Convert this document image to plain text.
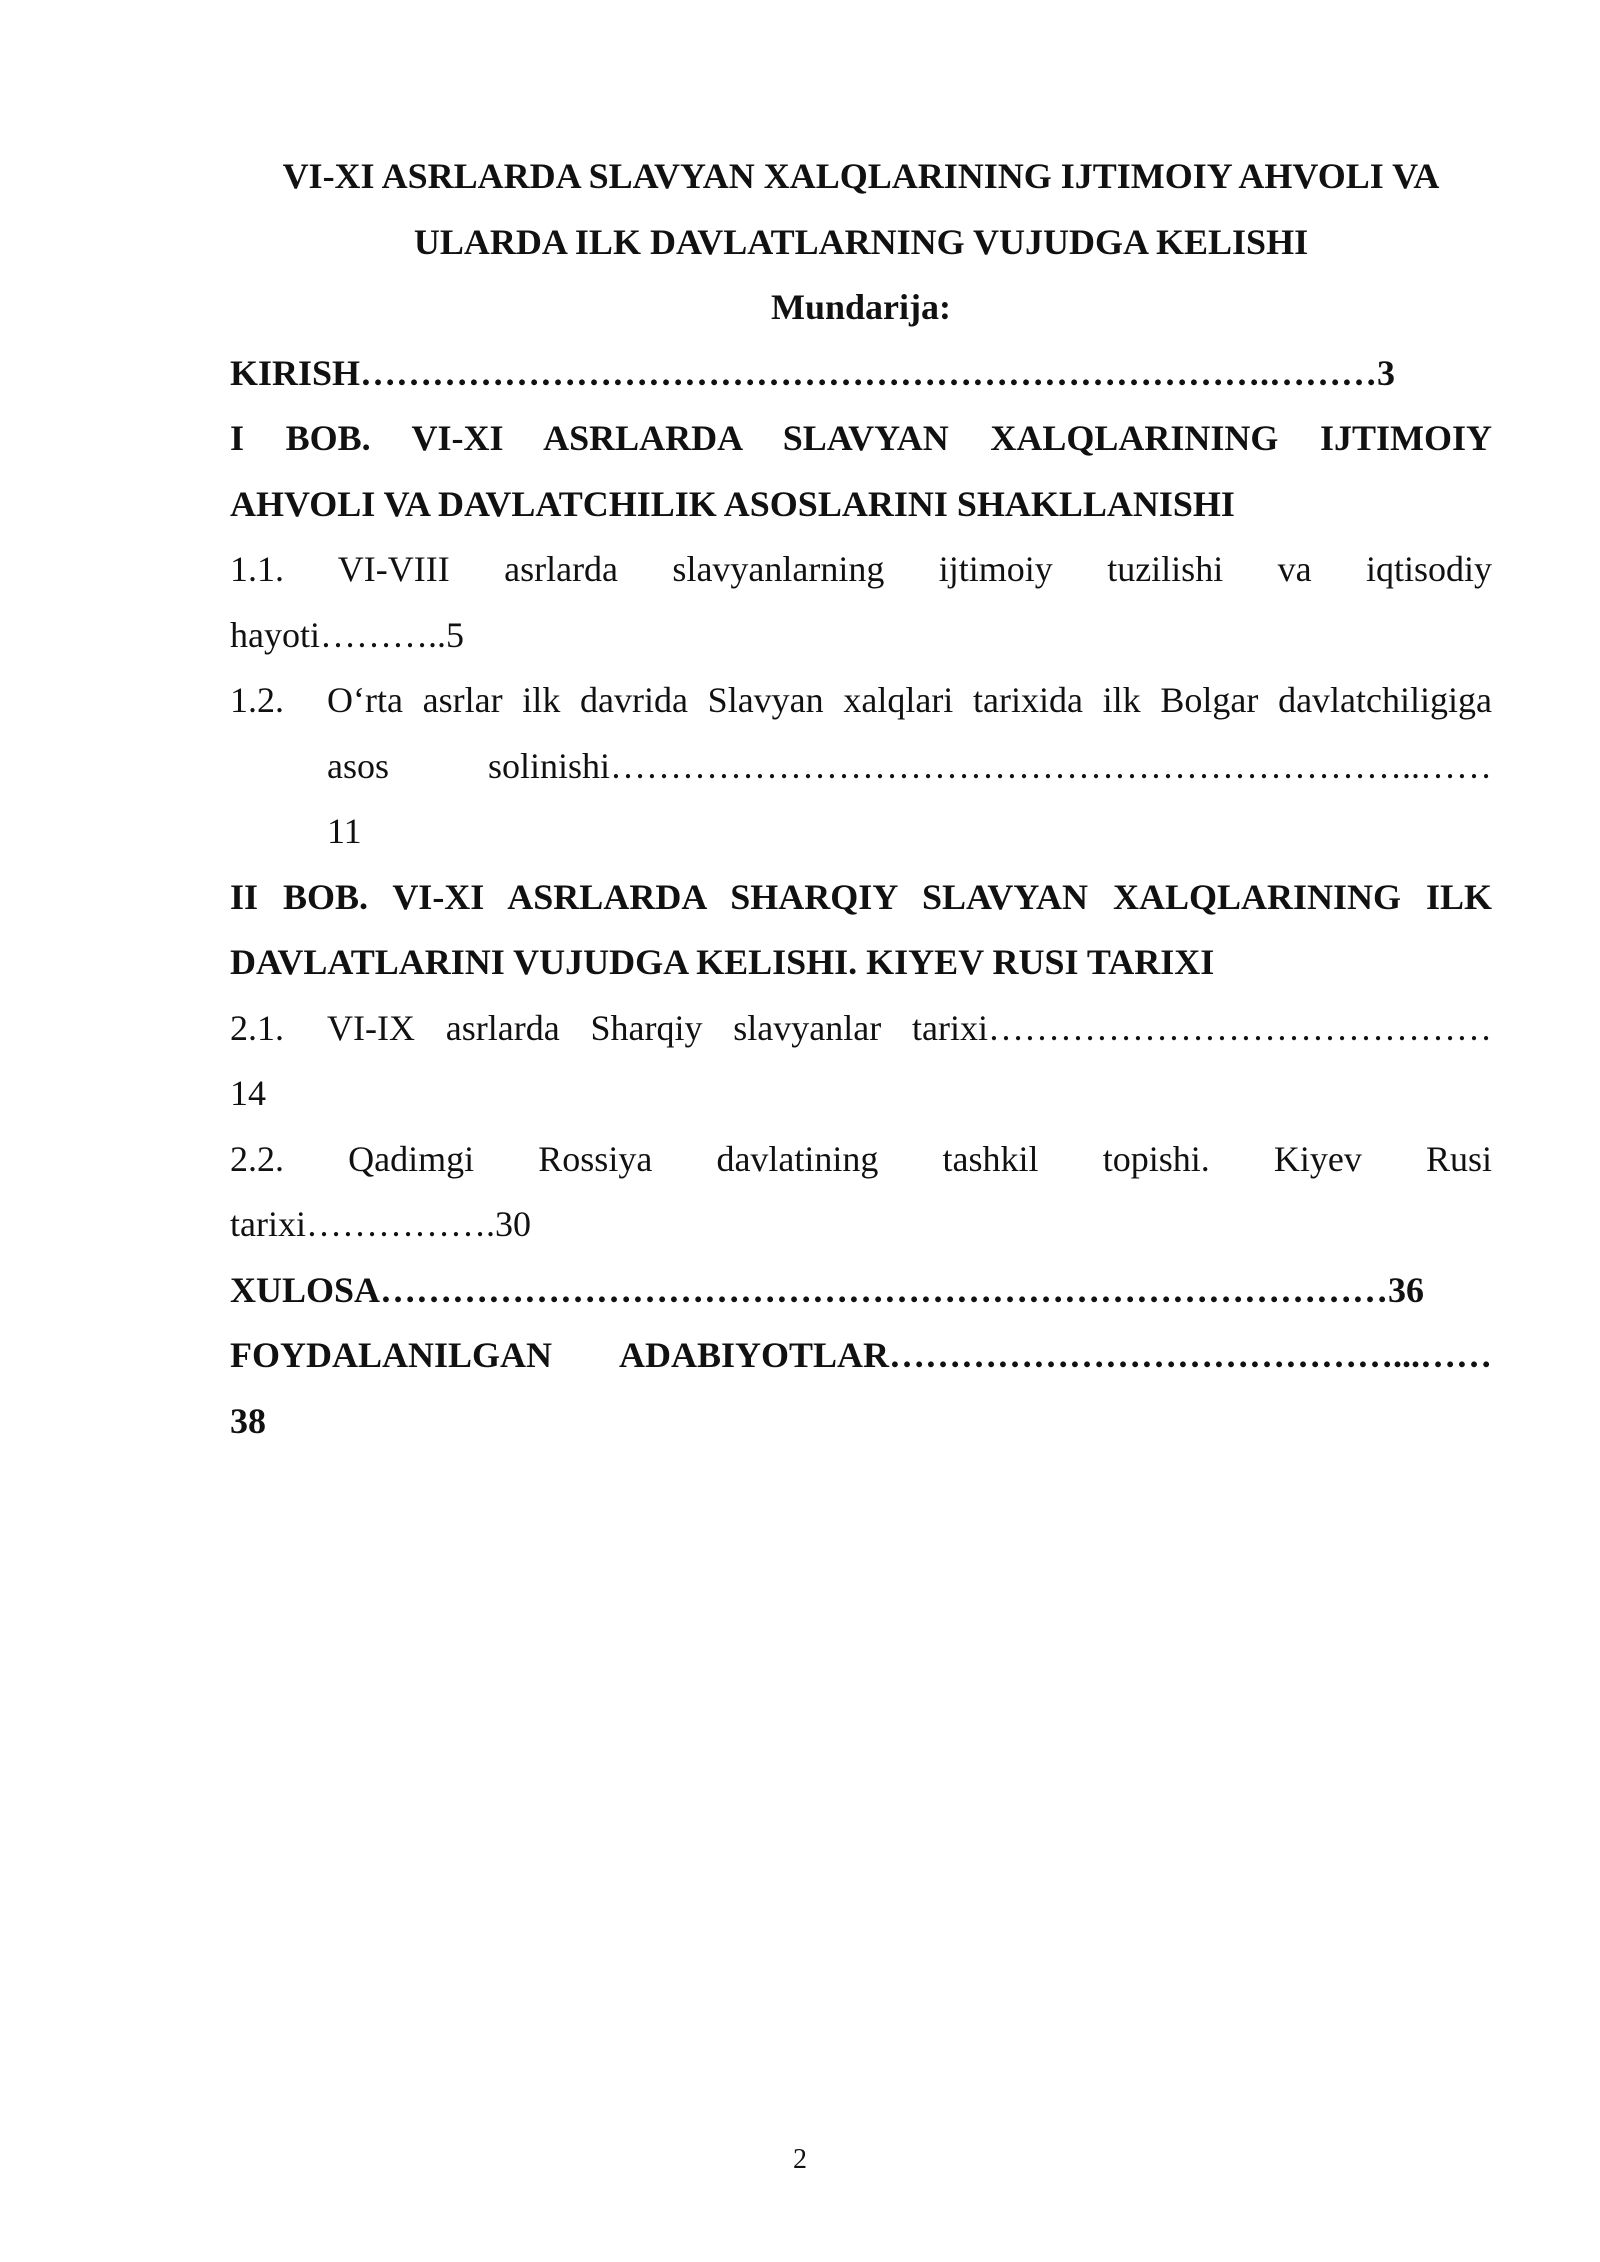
VI-XI ASRLARDA SLAVYAN XALQLARINING IJTIMOIY AHVOLI VA
ULARDA ILK DAVLATLARNING VUJUDGA KELISHI
Mundarija:
KIRISH………………………………………………………………….………3
I BOB. VI-XI ASRLARDA SLAVYAN XALQLARINING IJTIMOIY
AHVOLI VA DAVLATCHILIK ASOSLARINI SHAKLLANISHI
1.1. VI-VIII asrlarda slavyanlarning ijtimoiy tuzilishi va iqtisodiy
hayoti………..5
1.2. O‘rta asrlar ilk davrida Slavyan xalqlari tarixida ilk Bolgar davlatchiligiga
asos solinishi…………………………………………………………..……
11
II BOB. VI-XI ASRLARDA SHARQIY SLAVYAN XALQLARINING ILK
DAVLATLARINI VUJUDGA KELISHI. KIYEV RUSI TARIXI
2.1. VI-IX asrlarda Sharqiy slavyanlar tarixi……………………………………
14
2.2. Qadimgi Rossiya davlatining tashkil topishi. Kiyev Rusi
tarixi…………….30
XULOSA…………………………………………………………………………36
FOYDALANILGAN ADABIYOTLAR……………………………………...……
38
2
